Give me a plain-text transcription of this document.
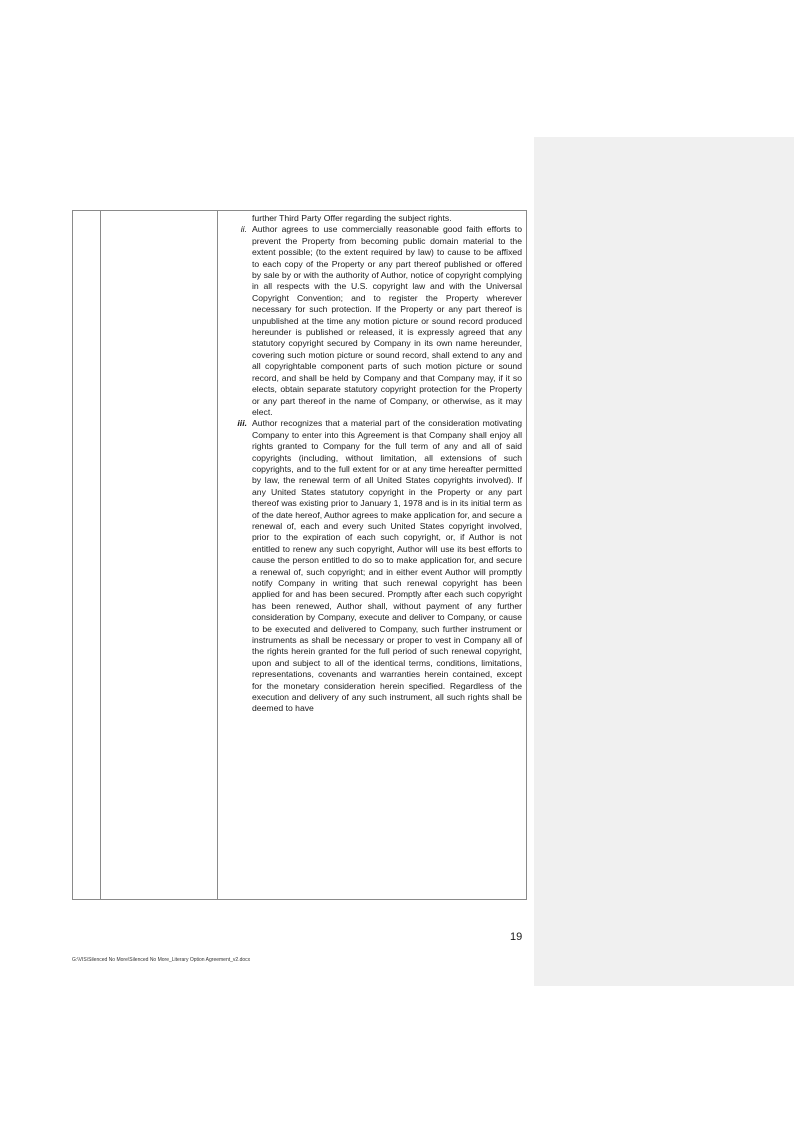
further Third Party Offer regarding the subject rights.
ii. Author agrees to use commercially reasonable good faith efforts to prevent the Property from becoming public domain material to the extent possible; (to the extent required by law) to cause to be affixed to each copy of the Property or any part thereof published or offered by sale by or with the authority of Author, notice of copyright complying in all respects with the U.S. copyright law and with the Universal Copyright Convention; and to register the Property wherever necessary for such protection. If the Property or any part thereof is unpublished at the time any motion picture or sound record produced hereunder is published or released, it is expressly agreed that any statutory copyright secured by Company in its own name hereunder, covering such motion picture or sound record, shall extend to any and all copyrightable component parts of such motion picture or sound record, and shall be held by Company and that Company may, if it so elects, obtain separate statutory copyright protection for the Property or any part thereof in the name of Company, or otherwise, as it may elect.
iii. Author recognizes that a material part of the consideration motivating Company to enter into this Agreement is that Company shall enjoy all rights granted to Company for the full term of any and all of said copyrights (including, without limitation, all extensions of such copyrights, and to the full extent for or at any time hereafter permitted by law, the renewal term of all United States copyrights involved). If any United States statutory copyright in the Property or any part thereof was existing prior to January 1, 1978 and is in its initial term as of the date hereof, Author agrees to make application for, and secure a renewal of, each and every such United States copyright involved, prior to the expiration of each such copyright, or, if Author is not entitled to renew any such copyright, Author will use its best efforts to cause the person entitled to do so to make application for, and secure a renewal of, such copyright; and in either event Author will promptly notify Company in writing that such renewal copyright has been applied for and has been secured. Promptly after each such copyright has been renewed, Author shall, without payment of any further consideration by Company, execute and deliver to Company, or cause to be executed and delivered to Company, such further instrument or instruments as shall be necessary or proper to vest in Company all of the rights herein granted for the full period of such renewal copyright, upon and subject to all of the identical terms, conditions, limitations, representations, covenants and warranties herein contained, except for the monetary consideration herein specified. Regardless of the execution and delivery of any such instrument, all such rights shall be deemed to have
19
G:\VIS\Silenced No More\Silenced No More_Literary Option Agreement_v2.docx
